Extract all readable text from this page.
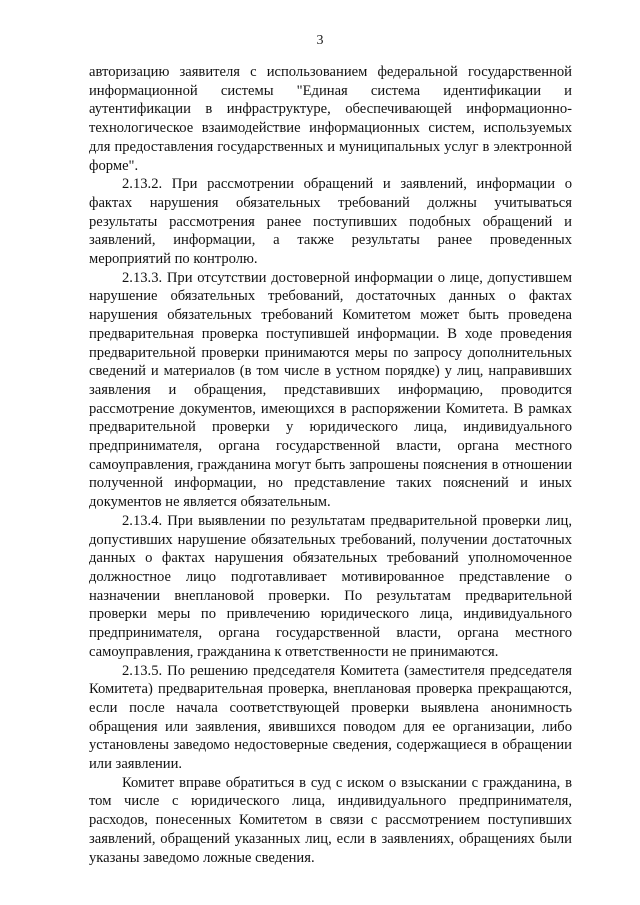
3

авторизацию заявителя с использованием федеральной государственной информационной системы "Единая система идентификации и аутентификации в инфраструктуре, обеспечивающей информационно-технологическое взаимодействие информационных систем, используемых для предоставления государственных и муниципальных услуг в электронной форме".

2.13.2. При рассмотрении обращений и заявлений, информации о фактах нарушения обязательных требований должны учитываться результаты рассмотрения ранее поступивших подобных обращений и заявлений, информации, а также результаты ранее проведенных мероприятий по контролю.

2.13.3. При отсутствии достоверной информации о лице, допустившем нарушение обязательных требований, достаточных данных о фактах нарушения обязательных требований Комитетом может быть проведена предварительная проверка поступившей информации. В ходе проведения предварительной проверки принимаются меры по запросу дополнительных сведений и материалов (в том числе в устном порядке) у лиц, направивших заявления и обращения, представивших информацию, проводится рассмотрение документов, имеющихся в распоряжении Комитета. В рамках предварительной проверки у юридического лица, индивидуального предпринимателя, органа государственной власти, органа местного самоуправления, гражданина могут быть запрошены пояснения в отношении полученной информации, но представление таких пояснений и иных документов не является обязательным.

2.13.4. При выявлении по результатам предварительной проверки лиц, допустивших нарушение обязательных требований, получении достаточных данных о фактах нарушения обязательных требований уполномоченное должностное лицо подготавливает мотивированное представление о назначении внеплановой проверки. По результатам предварительной проверки меры по привлечению юридического лица, индивидуального предпринимателя, органа государственной власти, органа местного самоуправления, гражданина к ответственности не принимаются.

2.13.5. По решению председателя Комитета (заместителя председателя Комитета) предварительная проверка, внеплановая проверка прекращаются, если после начала соответствующей проверки выявлена анонимность обращения или заявления, явившихся поводом для ее организации, либо установлены заведомо недостоверные сведения, содержащиеся в обращении или заявлении.

Комитет вправе обратиться в суд с иском о взыскании с гражданина, в том числе с юридического лица, индивидуального предпринимателя, расходов, понесенных Комитетом в связи с рассмотрением поступивших заявлений, обращений указанных лиц, если в заявлениях, обращениях были указаны заведомо ложные сведения.
